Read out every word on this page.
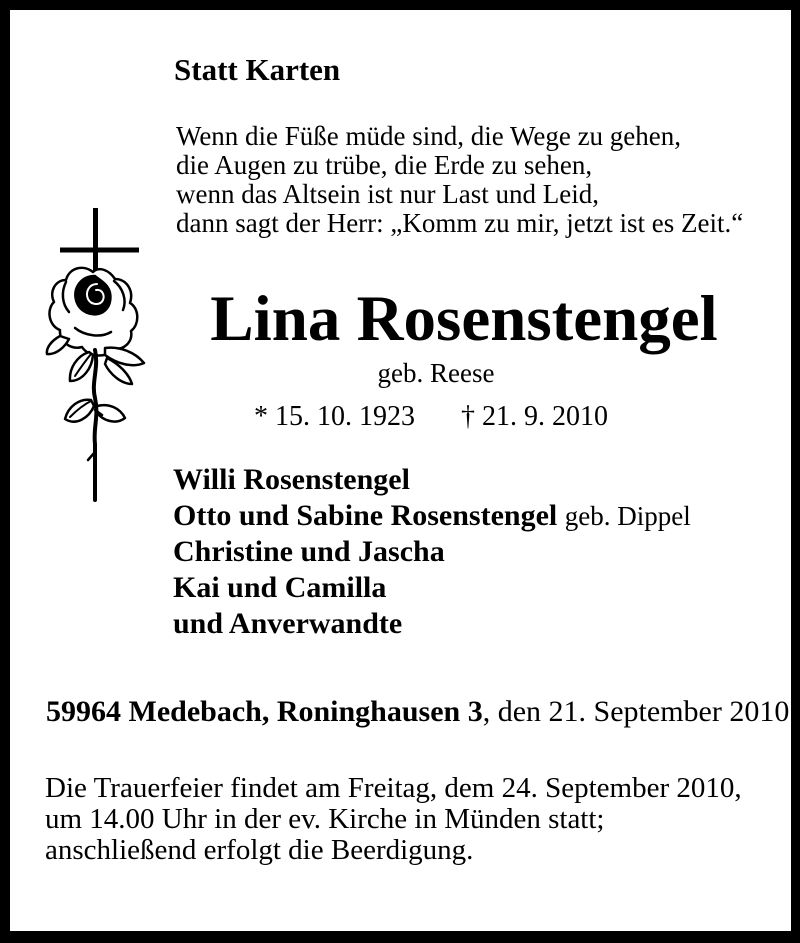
Statt Karten
Wenn die Füße müde sind, die Wege zu gehen,
die Augen zu trübe, die Erde zu sehen,
wenn das Altsein ist nur Last und Leid,
dann sagt der Herr: „Komm zu mir, jetzt ist es Zeit.“
Lina Rosenstengel
geb. Reese
* 15. 10. 1923 † 21. 9. 2010
Willi Rosenstengel
Otto und Sabine Rosenstengel geb. Dippel
Christine und Jascha
Kai und Camilla
und Anverwandte
59964 Medebach, Roninghausen 3, den 21. September 2010
Die Trauerfeier findet am Freitag, dem 24. September 2010,
um 14.00 Uhr in der ev. Kirche in Münden statt;
anschließend erfolgt die Beerdigung.
